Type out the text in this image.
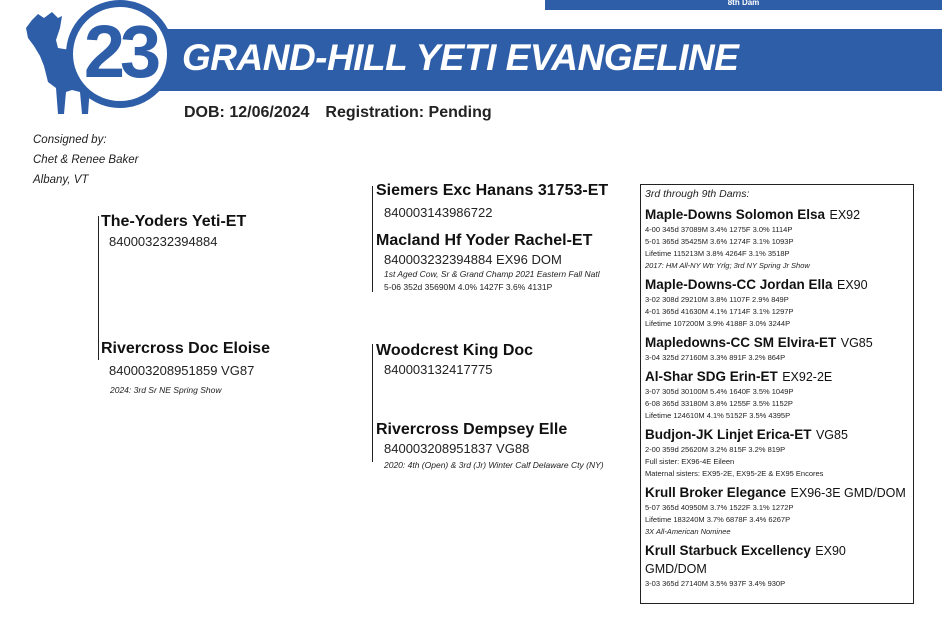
8th Dam
23 GRAND-HILL YETI EVANGELINE
DOB: 12/06/2024 Registration: Pending
Consigned by:
Chet & Renee Baker
Albany, VT
The-Yoders Yeti-ET
840003232394884
Rivercross Doc Eloise
840003208951859 VG87
2024: 3rd Sr NE Spring Show
Siemers Exc Hanans 31753-ET
840003143986722
Macland Hf Yoder Rachel-ET
840003232394884 EX96 DOM
1st Aged Cow, Sr & Grand Champ 2021 Eastern Fall Natl
5-06 352d 35690M 4.0% 1427F 3.6% 4131P
Woodcrest King Doc
840003132417775
Rivercross Dempsey Elle
840003208951837 VG88
2020: 4th (Open) & 3rd (Jr) Winter Calf Delaware Cty (NY)
3rd through 9th Dams:
Maple-Downs Solomon Elsa EX92
4-00 345d 37089M 3.4% 1275F 3.0% 1114P
5-01 365d 35425M 3.6% 1274F 3.1% 1093P
Lifetime 115213M 3.8% 4264F 3.1% 3518P
2017: HM All-NY Wtr Yrlg; 3rd NY Spring Jr Show
Maple-Downs-CC Jordan Ella EX90
3-02 308d 29210M 3.8% 1107F 2.9% 849P
4-01 365d 41630M 4.1% 1714F 3.1% 1297P
Lifetime 107200M 3.9% 4188F 3.0% 3244P
Mapledowns-CC SM Elvira-ET VG85
3-04 325d 27160M 3.3% 891F 3.2% 864P
Al-Shar SDG Erin-ET EX92-2E
3-07 305d 30100M 5.4% 1640F 3.5% 1049P
6-08 365d 33180M 3.8% 1255F 3.5% 1152P
Lifetime 124610M 4.1% 5152F 3.5% 4395P
Budjon-JK Linjet Erica-ET VG85
2-00 359d 25620M 3.2% 815F 3.2% 819P
Full sister: EX96-4E Eileen
Maternal sisters: EX95-2E, EX95-2E & EX95 Encores
Krull Broker Elegance EX96-3E GMD/DOM
5-07 365d 40950M 3.7% 1522F 3.1% 1272P
Lifetime 183240M 3.7% 6878F 3.4% 6267P
3X All-American Nominee
Krull Starbuck Excellency EX90 GMD/DOM
3-03 365d 27140M 3.5% 937F 3.4% 930P
